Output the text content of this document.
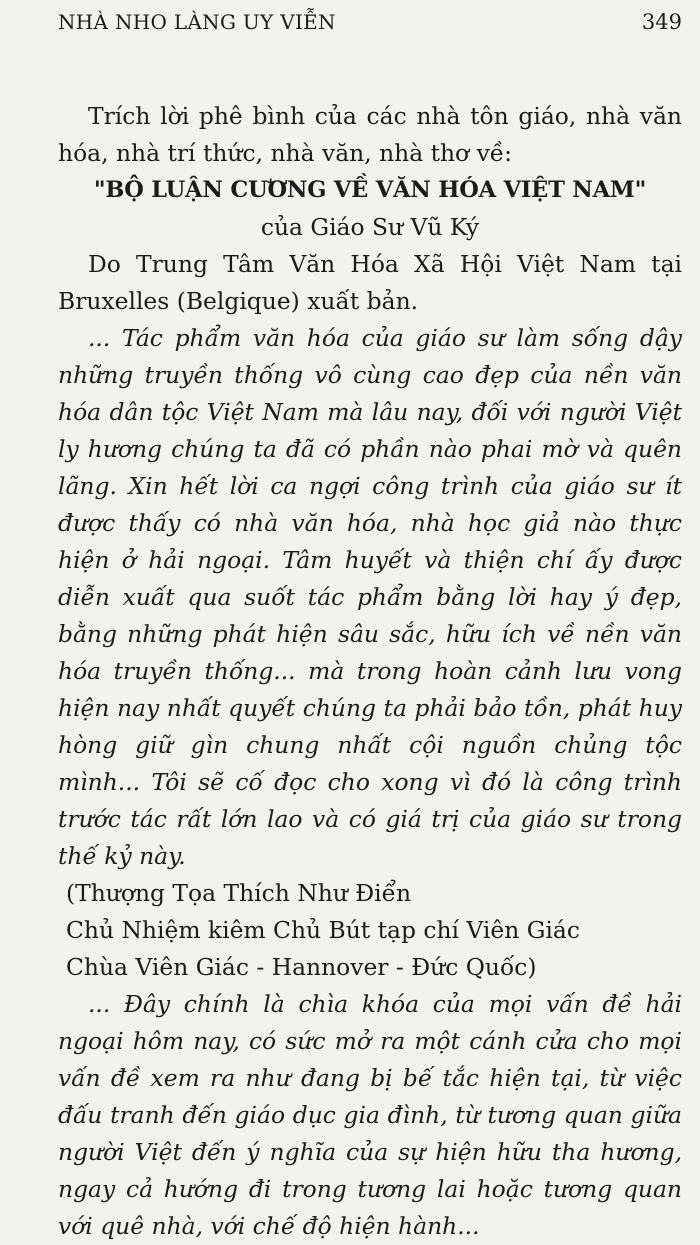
NHÀ NHO LÀNG UY VIỄN	349

Trích lời phê bình của các nhà tôn giáo, nhà văn hóa, nhà trí thức, nhà văn, nhà thơ về:

"BỘ LUẬN CƯƠNG VỀ VĂN HÓA VIỆT NAM"

của Giáo Sư Vũ Ký

Do Trung Tâm Văn Hóa Xã Hội Việt Nam tại Bruxelles (Belgique) xuất bản.

... Tác phẩm văn hóa của giáo sư làm sống dậy những truyền thống vô cùng cao đẹp của nền văn hóa dân tộc Việt Nam mà lâu nay, đối với người Việt ly hương chúng ta đã có phần nào phai mờ và quên lãng. Xin hết lời ca ngợi công trình của giáo sư ít được thấy có nhà văn hóa, nhà học giả nào thực hiện ở hải ngoại. Tâm huyết và thiện chí ấy được diễn xuất qua suốt tác phẩm bằng lời hay ý đẹp, bằng những phát hiện sâu sắc, hữu ích về nền văn hóa truyền thống... mà trong hoàn cảnh lưu vong hiện nay nhất quyết chúng ta phải bảo tồn, phát huy hòng giữ gìn chung nhất cội nguồn chủng tộc mình... Tôi sẽ cố đọc cho xong vì đó là công trình trước tác rất lớn lao và có giá trị của giáo sư trong thế kỷ này.

(Thượng Tọa Thích Như Điển

Chủ Nhiệm kiêm Chủ Bút tạp chí Viên Giác

Chùa Viên Giác - Hannover - Đức Quốc)

... Đây chính là chìa khóa của mọi vấn đề hải ngoại hôm nay, có sức mở ra một cánh cửa cho mọi vấn đề xem ra như đang bị bế tắc hiện tại, từ việc đấu tranh đến giáo dục gia đình, từ tương quan giữa người Việt đến ý nghĩa của sự hiện hữu tha hương, ngay cả hướng đi trong tương lai hoặc tương quan với quê nhà, với chế độ hiện hành...
